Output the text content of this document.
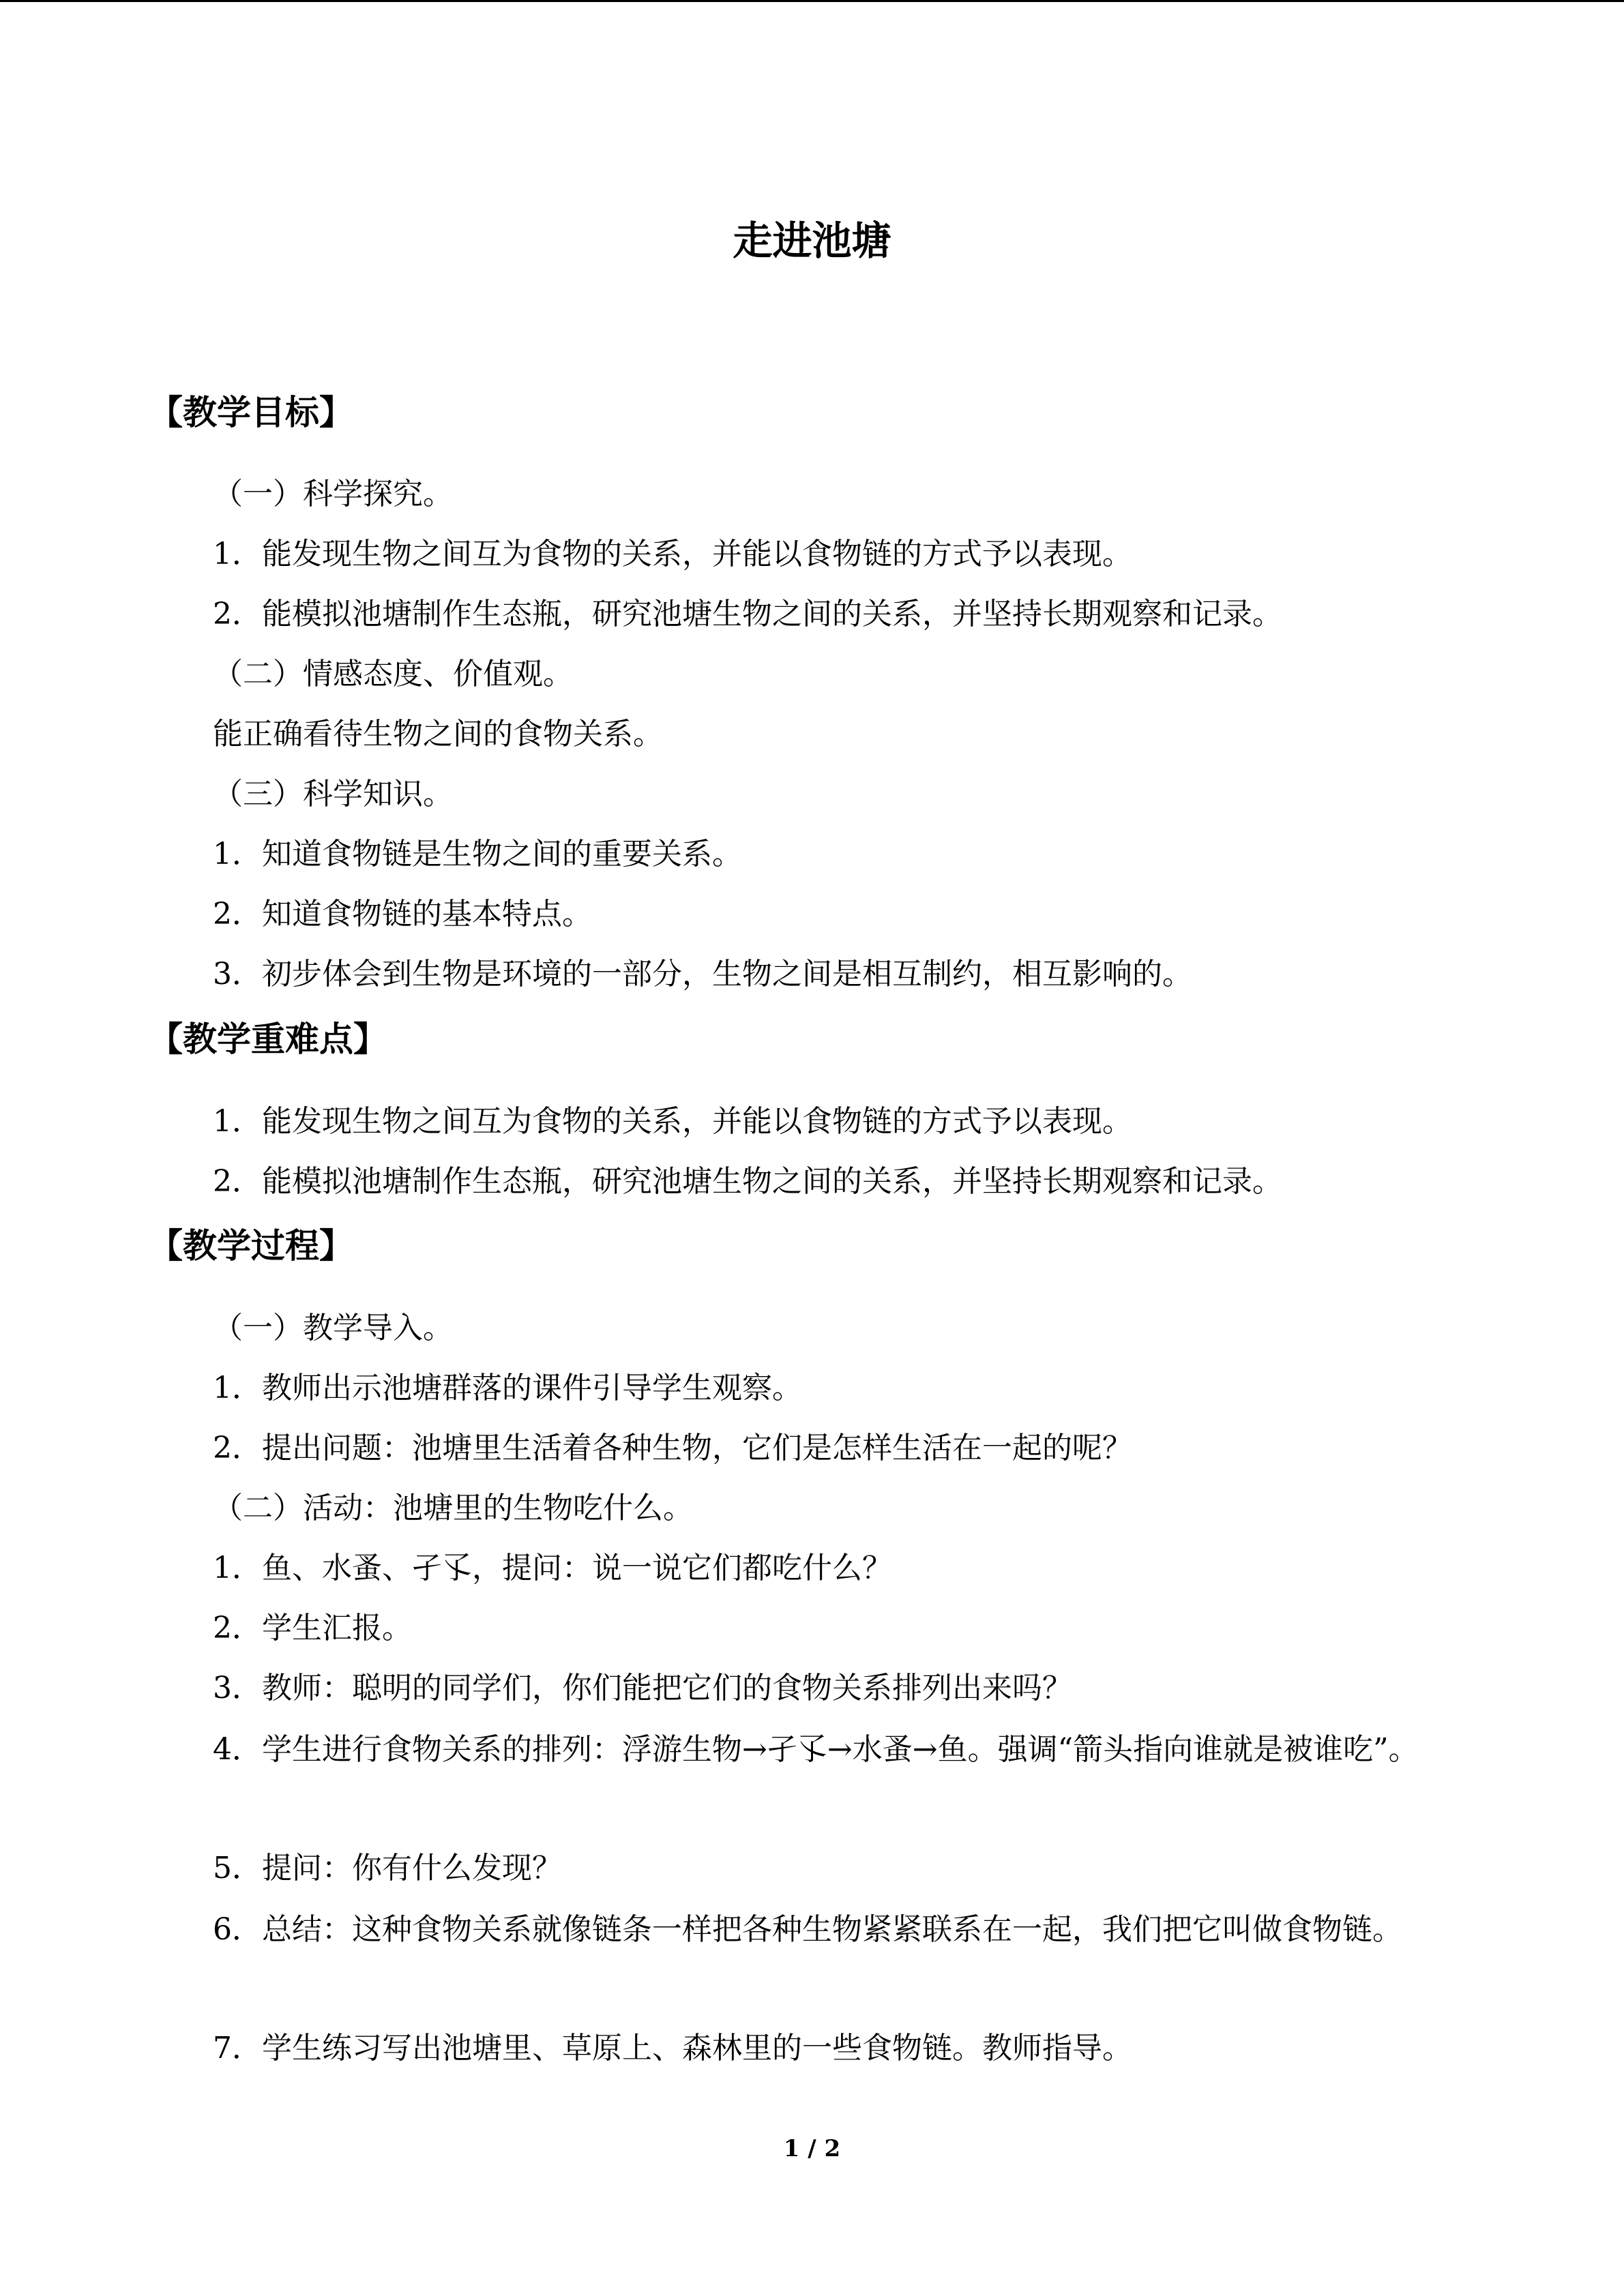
走进池塘
【教学目标】

（一）科学探究。

1．能发现生物之间互为食物的关系，并能以食物链的方式予以表现。

2．能模拟池塘制作生态瓶，研究池塘生物之间的关系，并坚持长期观察和记录。

（二）情感态度、价值观。

能正确看待生物之间的食物关系。

（三）科学知识。

1．知道食物链是生物之间的重要关系。

2．知道食物链的基本特点。

3．初步体会到生物是环境的一部分，生物之间是相互制约，相互影响的。

【教学重难点】

1．能发现生物之间互为食物的关系，并能以食物链的方式予以表现。

2．能模拟池塘制作生态瓶，研究池塘生物之间的关系，并坚持长期观察和记录。

【教学过程】

（一）教学导入。

1．教师出示池塘群落的课件引导学生观察。

2．提出问题：池塘里生活着各种生物，它们是怎样生活在一起的呢？

（二）活动：池塘里的生物吃什么。

1．鱼、水蚤、孑孓，提问：说一说它们都吃什么？

2．学生汇报。

3．教师：聪明的同学们，你们能把它们的食物关系排列出来吗？

4．学生进行食物关系的排列：浮游生物→孑孓→水蚤→鱼。强调“箭头指向谁就是被谁吃”。

5．提问：你有什么发现？

6．总结：这种食物关系就像链条一样把各种生物紧紧联系在一起，我们把它叫做食物链。

7．学生练习写出池塘里、草原上、森林里的一些食物链。教师指导。

1 / 2
